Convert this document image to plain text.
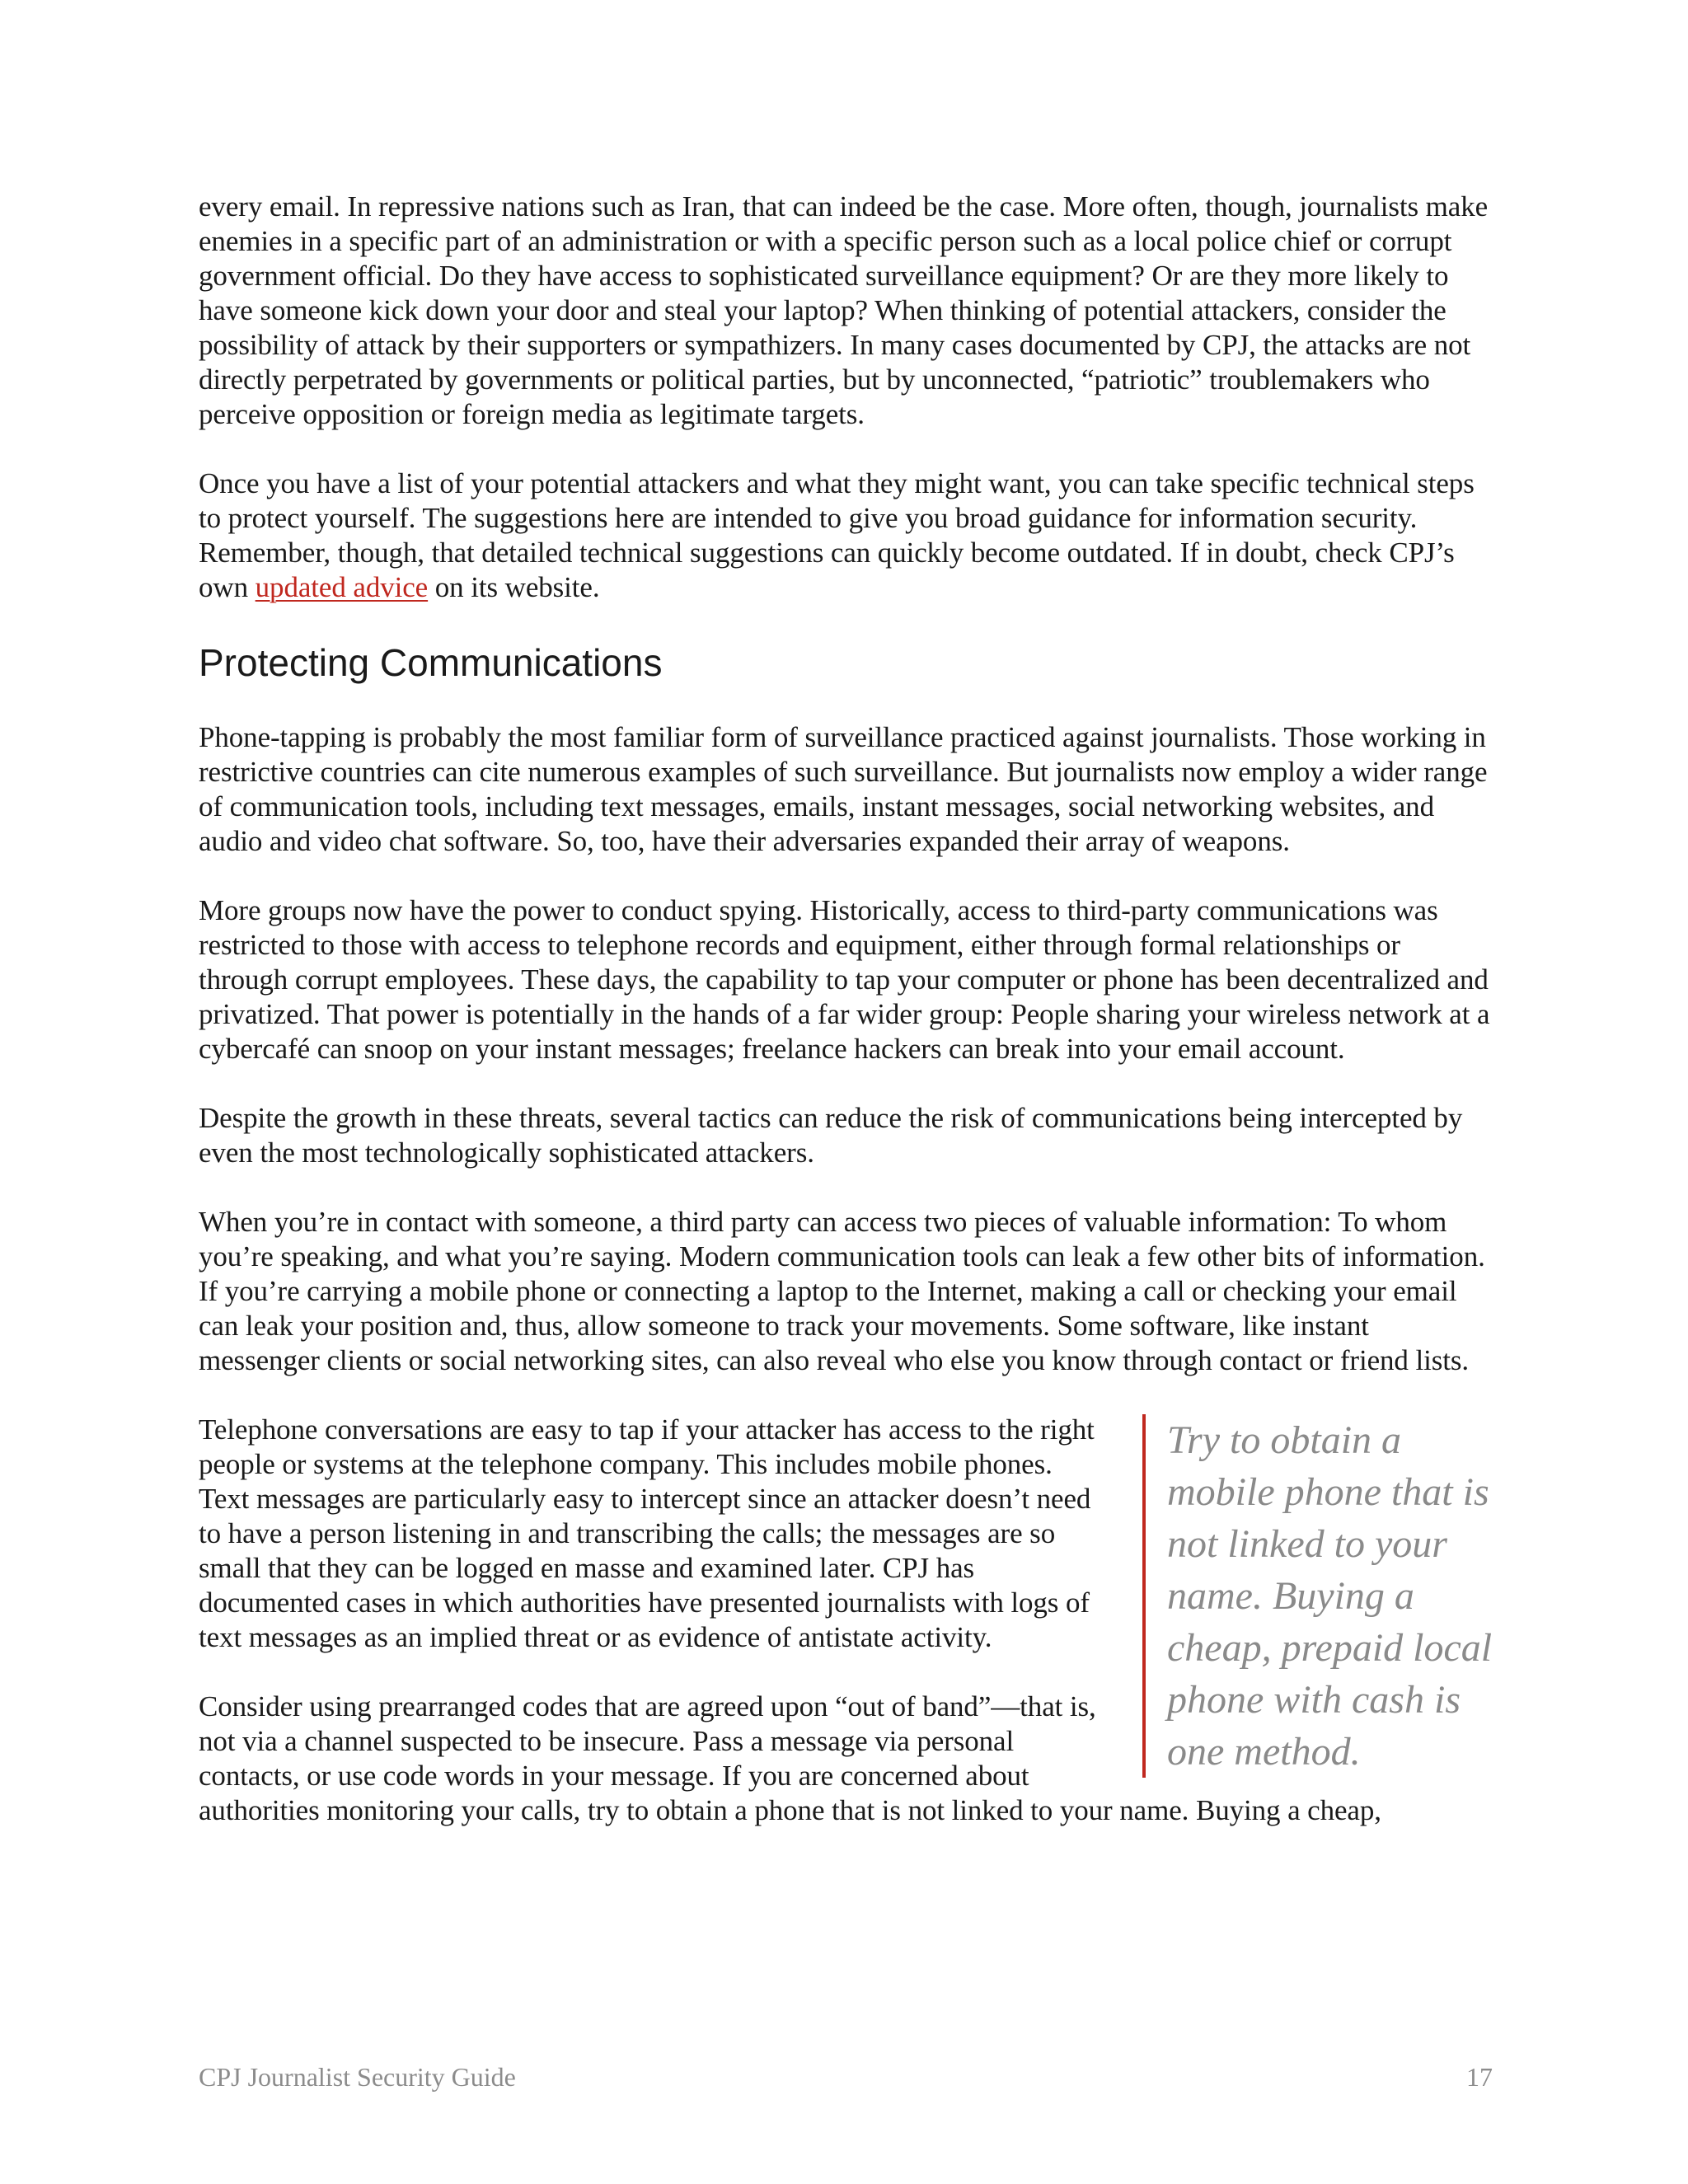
every email. In repressive nations such as Iran, that can indeed be the case. More often, though, journalists make enemies in a specific part of an administration or with a specific person such as a local police chief or corrupt government official. Do they have access to sophisticated surveillance equipment? Or are they more likely to have someone kick down your door and steal your laptop? When thinking of potential attackers, consider the possibility of attack by their supporters or sympathizers. In many cases documented by CPJ, the attacks are not directly perpetrated by governments or political parties, but by unconnected, “patriotic” troublemakers who perceive opposition or foreign media as legitimate targets.

Once you have a list of your potential attackers and what they might want, you can take specific technical steps to protect yourself. The suggestions here are intended to give you broad guidance for information security. Remember, though, that detailed technical suggestions can quickly become outdated. If in doubt, check CPJ’s own updated advice on its website.

Protecting Communications

Phone-tapping is probably the most familiar form of surveillance practiced against journalists. Those working in restrictive countries can cite numerous examples of such surveillance. But journalists now employ a wider range of communication tools, including text messages, emails, instant messages, social networking websites, and audio and video chat software. So, too, have their adversaries expanded their array of weapons.

More groups now have the power to conduct spying. Historically, access to third-party communications was restricted to those with access to telephone records and equipment, either through formal relationships or through corrupt employees. These days, the capability to tap your computer or phone has been decentralized and privatized. That power is potentially in the hands of a far wider group: People sharing your wireless network at a cybercafé can snoop on your instant messages; freelance hackers can break into your email account.

Despite the growth in these threats, several tactics can reduce the risk of communications being intercepted by even the most technologically sophisticated attackers.

When you’re in contact with someone, a third party can access two pieces of valuable information: To whom you’re speaking, and what you’re saying. Modern communication tools can leak a few other bits of information. If you’re carrying a mobile phone or connecting a laptop to the Internet, making a call or checking your email can leak your position and, thus, allow someone to track your movements. Some software, like instant messenger clients or social networking sites, can also reveal who else you know through contact or friend lists.

Try to obtain a mobile phone that is not linked to your name. Buying a cheap, prepaid local phone with cash is one method.

Telephone conversations are easy to tap if your attacker has access to the right people or systems at the telephone company. This includes mobile phones. Text messages are particularly easy to intercept since an attacker doesn’t need to have a person listening in and transcribing the calls; the messages are so small that they can be logged en masse and examined later. CPJ has documented cases in which authorities have presented journalists with logs of text messages as an implied threat or as evidence of antistate activity.

Consider using prearranged codes that are agreed upon “out of band”—that is, not via a channel suspected to be insecure. Pass a message via personal contacts, or use code words in your message. If you are concerned about authorities monitoring your calls, try to obtain a phone that is not linked to your name. Buying a cheap,

CPJ Journalist Security Guide	17
